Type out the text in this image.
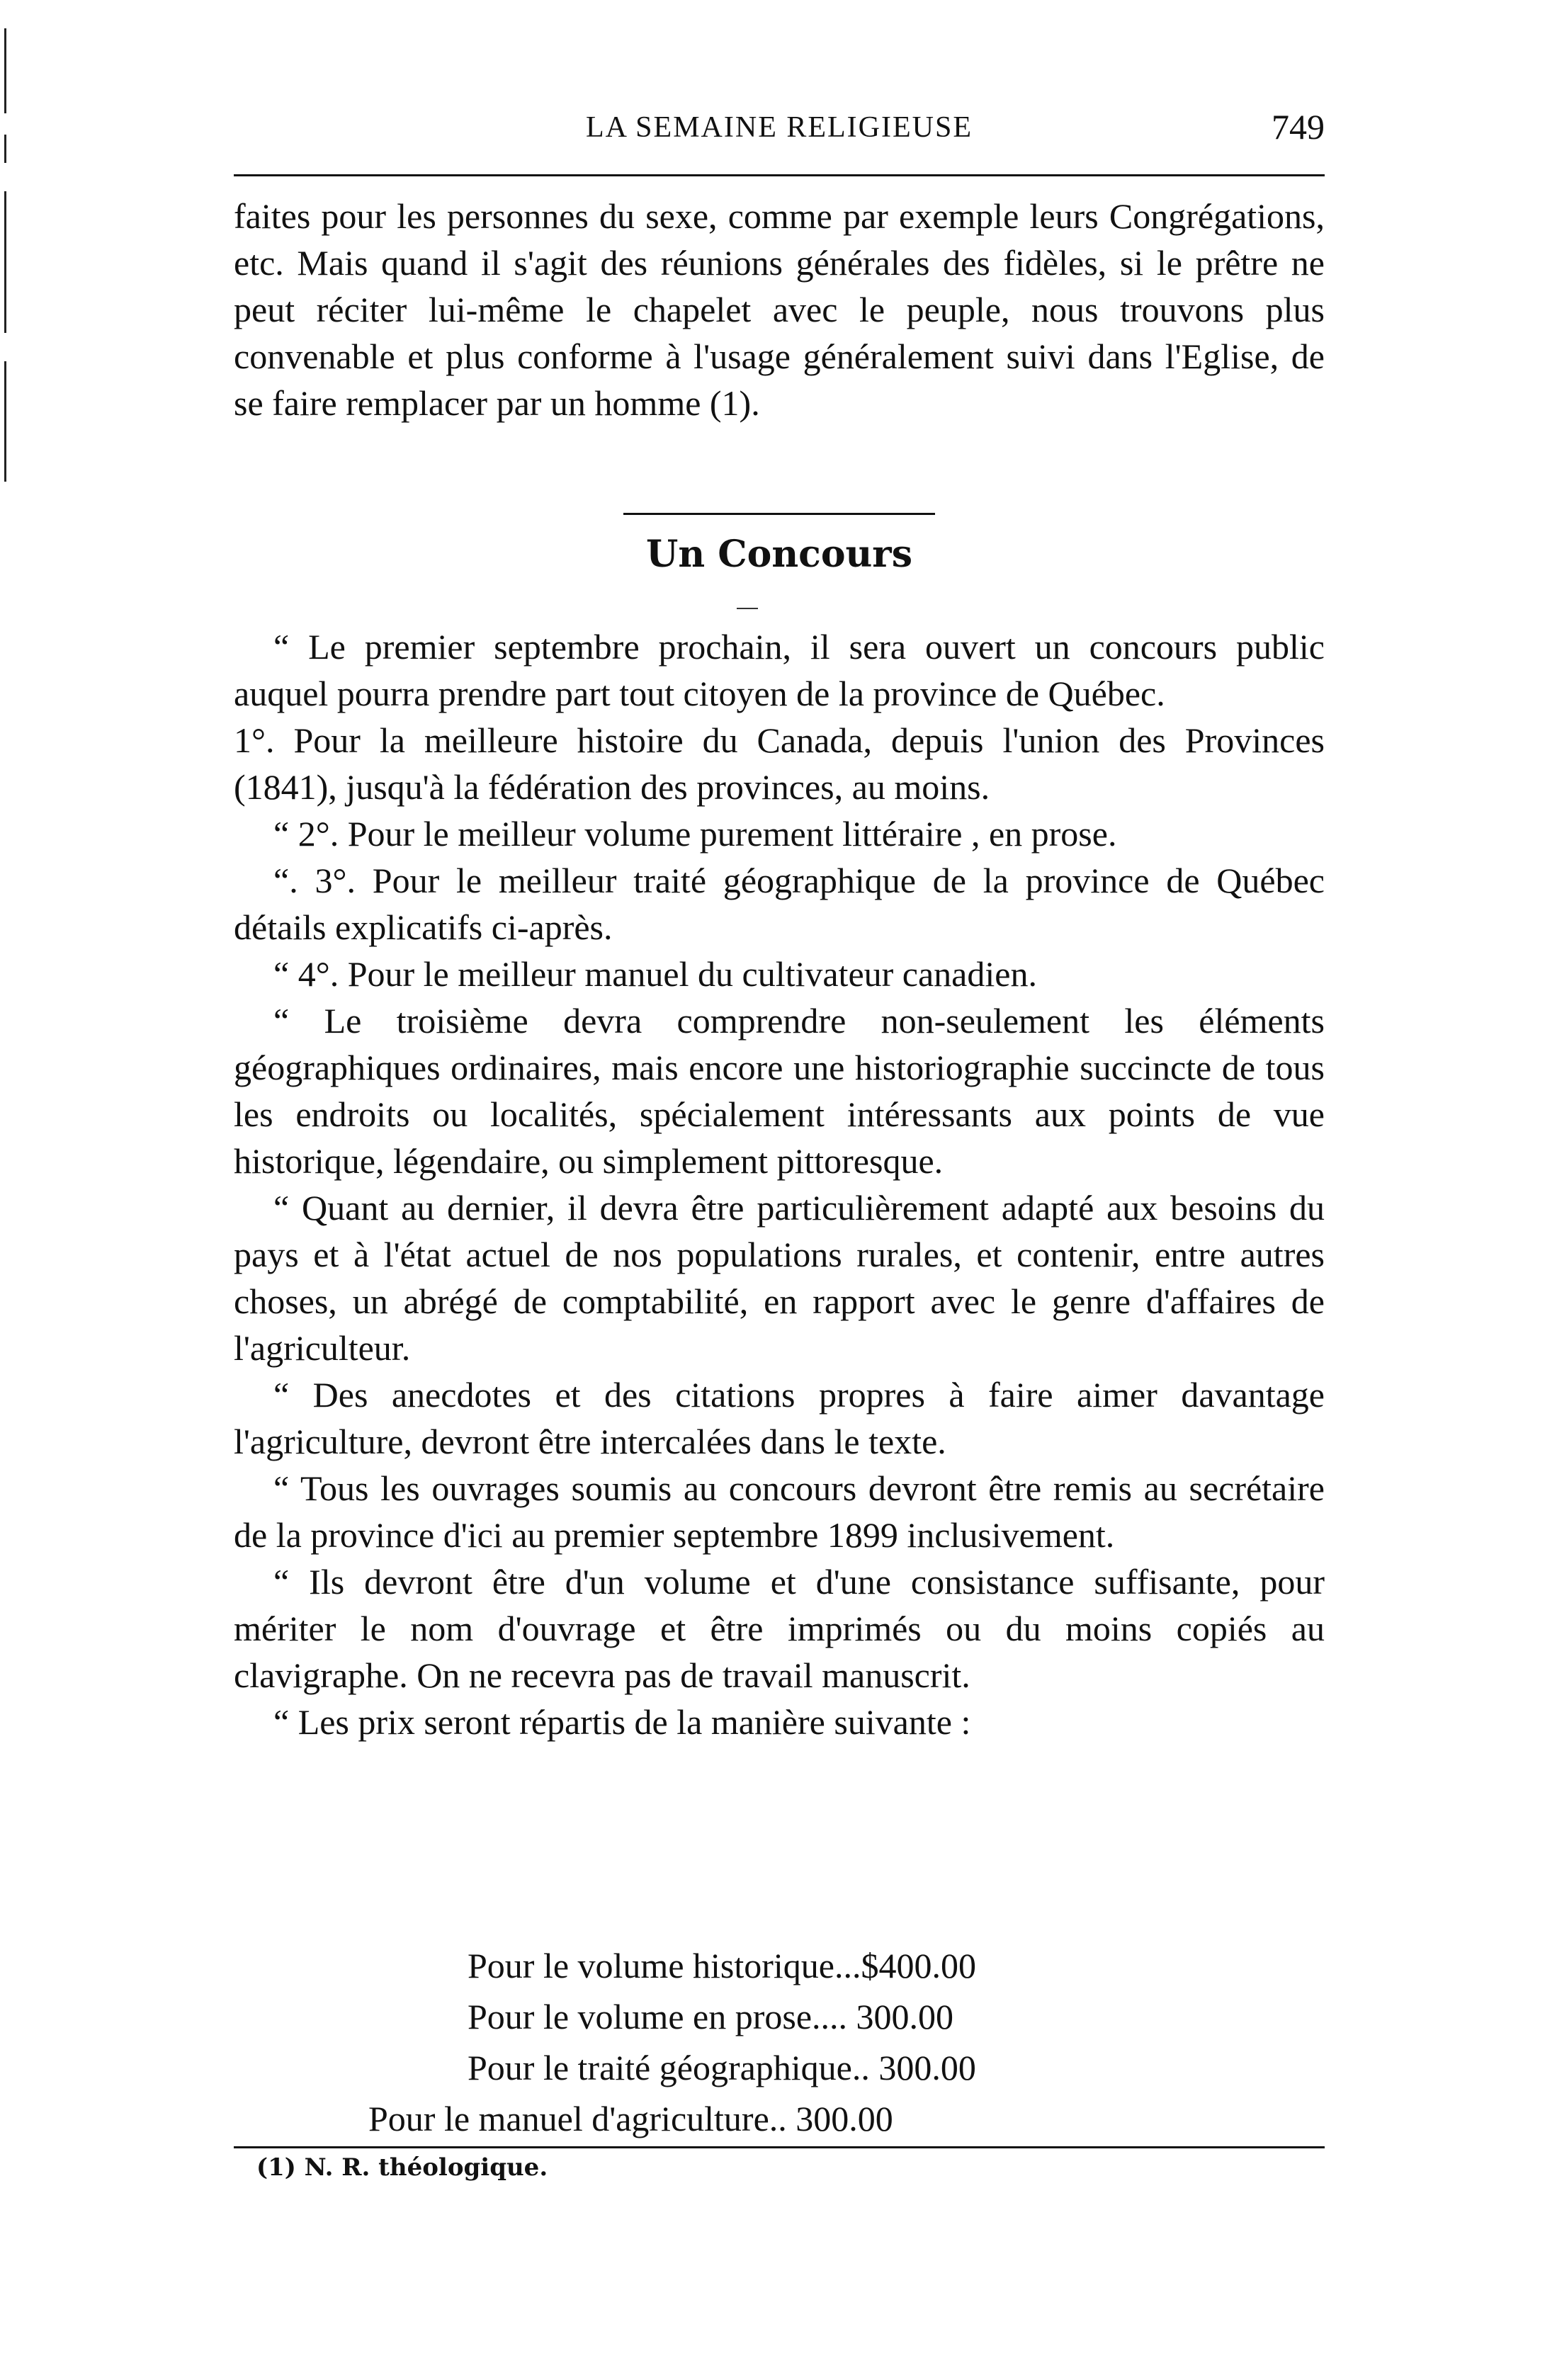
LA SEMAINE RELIGIEUSE	749

faites pour les personnes du sexe, comme par exemple leurs Congrégations, etc. Mais quand il s'agit des réunions générales des fidèles, si le prêtre ne peut réciter lui-même le chapelet avec le peuple, nous trouvons plus convenable et plus conforme à l'usage généralement suivi dans l'Eglise, de se faire remplacer par un homme (1).

Un Concours

“ Le premier septembre prochain, il sera ouvert un concours public auquel pourra prendre part tout citoyen de la province de Québec.

1°. Pour la meilleure histoire du Canada, depuis l'union des Provinces (1841), jusqu'à la fédération des provinces, au moins.

“ 2°. Pour le meilleur volume purement littéraire , en prose.

“. 3°. Pour le meilleur traité géographique de la province de Québec détails explicatifs ci-après.

“ 4°. Pour le meilleur manuel du cultivateur canadien.

“ Le troisième devra comprendre non-seulement les éléments géographiques ordinaires, mais encore une historiographie succincte de tous les endroits ou localités, spécialement intéressants aux points de vue historique, légendaire, ou simplement pittoresque.

“ Quant au dernier, il devra être particulièrement adapté aux besoins du pays et à l'état actuel de nos populations rurales, et contenir, entre autres choses, un abrégé de comptabilité, en rapport avec le genre d'affaires de l'agriculteur.

“ Des anecdotes et des citations propres à faire aimer davantage l'agriculture, devront être intercalées dans le texte.

“ Tous les ouvrages soumis au concours devront être remis au secrétaire de la province d'ici au premier septembre 1899 inclusivement.

“ Ils devront être d'un volume et d'une consistance suffisante, pour mériter le nom d'ouvrage et être imprimés ou du moins copiés au clavigraphe. On ne recevra pas de travail manuscrit.

“ Les prix seront répartis de la manière suivante :

Pour le volume historique...$400.00
Pour le volume en prose.... 300.00
Pour le traité géographique.. 300.00
Pour le manuel d'agriculture.. 300.00
(1) N. R. théologique.
